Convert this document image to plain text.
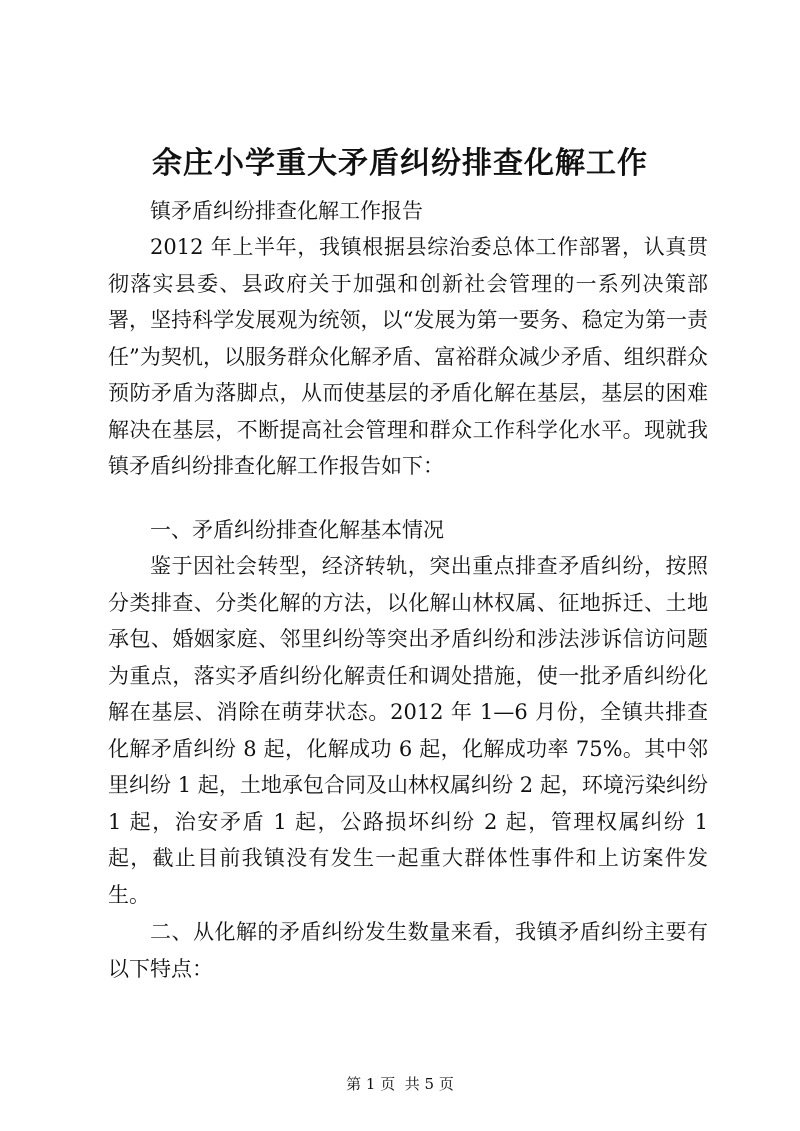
余庄小学重大矛盾纠纷排查化解工作

镇矛盾纠纷排查化解工作报告

2012 年上半年，我镇根据县综治委总体工作部署，认真贯彻落实县委、县政府关于加强和创新社会管理的一系列决策部署，坚持科学发展观为统领，以“发展为第一要务、稳定为第一责任”为契机，以服务群众化解矛盾、富裕群众减少矛盾、组织群众预防矛盾为落脚点，从而使基层的矛盾化解在基层，基层的困难解决在基层，不断提高社会管理和群众工作科学化水平。现就我镇矛盾纠纷排查化解工作报告如下：

一、矛盾纠纷排查化解基本情况

鉴于因社会转型，经济转轨，突出重点排查矛盾纠纷，按照分类排查、分类化解的方法，以化解山林权属、征地拆迁、土地承包、婚姻家庭、邻里纠纷等突出矛盾纠纷和涉法涉诉信访问题为重点，落实矛盾纠纷化解责任和调处措施，使一批矛盾纠纷化解在基层、消除在萌芽状态。2012 年 1—6 月份，全镇共排查化解矛盾纠纷 8 起，化解成功 6 起，化解成功率 75%。其中邻里纠纷 1 起，土地承包合同及山林权属纠纷 2 起，环境污染纠纷 1 起，治安矛盾 1 起，公路损坏纠纷 2 起，管理权属纠纷 1 起，截止目前我镇没有发生一起重大群体性事件和上访案件发生。

二、从化解的矛盾纠纷发生数量来看，我镇矛盾纠纷主要有以下特点：

第 1 页  共 5 页
